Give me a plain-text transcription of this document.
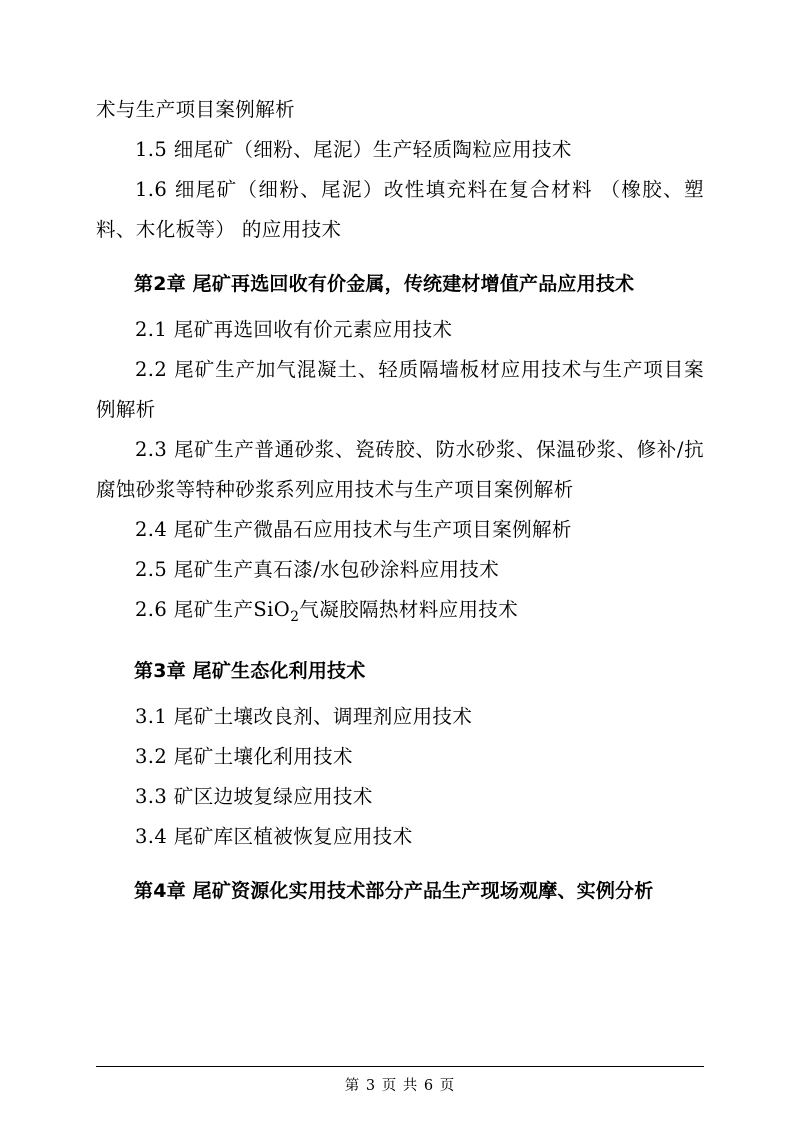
术与生产项目案例解析

1.5 细尾矿（细粉、尾泥）生产轻质陶粒应用技术

1.6 细尾矿（细粉、尾泥）改性填充料在复合材料 （橡胶、塑料、木化板等） 的应用技术

第2章 尾矿再选回收有价金属，传统建材增值产品应用技术

2.1 尾矿再选回收有价元素应用技术

2.2 尾矿生产加气混凝土、轻质隔墙板材应用技术与生产项目案例解析

2.3 尾矿生产普通砂浆、瓷砖胶、防水砂浆、保温砂浆、修补/抗腐蚀砂浆等特种砂浆系列应用技术与生产项目案例解析

2.4 尾矿生产微晶石应用技术与生产项目案例解析

2.5 尾矿生产真石漆/水包砂涂料应用技术

2.6 尾矿生产SiO$_2$气凝胶隔热材料应用技术

第3章 尾矿生态化利用技术

3.1 尾矿土壤改良剂、调理剂应用技术

3.2 尾矿土壤化利用技术

3.3 矿区边坡复绿应用技术

3.4 尾矿库区植被恢复应用技术

第4章 尾矿资源化实用技术部分产品生产现场观摩、实例分析

第 3 页 共 6 页
